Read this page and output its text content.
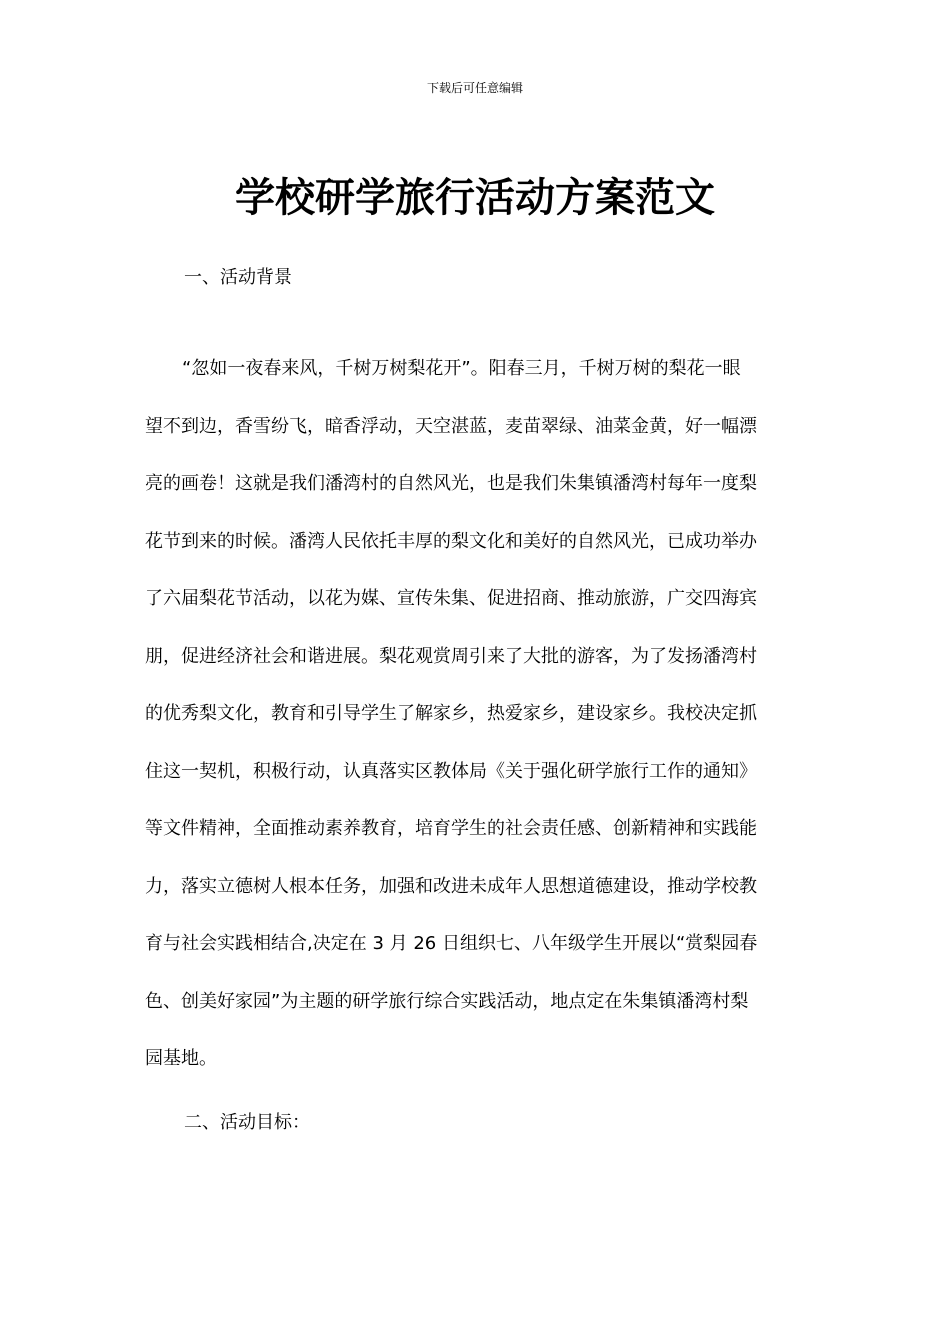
下载后可任意编辑
学校研学旅行活动方案范文
一、活动背景
“忽如一夜春来风，千树万树梨花开”。阳春三月，千树万树的梨花一眼
望不到边，香雪纷飞，暗香浮动，天空湛蓝，麦苗翠绿、油菜金黄，好一幅漂
亮的画卷！这就是我们潘湾村的自然风光，也是我们朱集镇潘湾村每年一度梨
花节到来的时候。潘湾人民依托丰厚的梨文化和美好的自然风光，已成功举办
了六届梨花节活动，以花为媒、宣传朱集、促进招商、推动旅游，广交四海宾
朋，促进经济社会和谐进展。梨花观赏周引来了大批的游客，为了发扬潘湾村
的优秀梨文化，教育和引导学生了解家乡，热爱家乡，建设家乡。我校决定抓
住这一契机，积极行动，认真落实区教体局《关于强化研学旅行工作的通知》
等文件精神，全面推动素养教育，培育学生的社会责任感、创新精神和实践能
力，落实立德树人根本任务，加强和改进未成年人思想道德建设，推动学校教
育与社会实践相结合,决定在 3 月 26 日组织七、八年级学生开展以“赏梨园春
色、创美好家园”为主题的研学旅行综合实践活动，地点定在朱集镇潘湾村梨
园基地。
二、活动目标：
